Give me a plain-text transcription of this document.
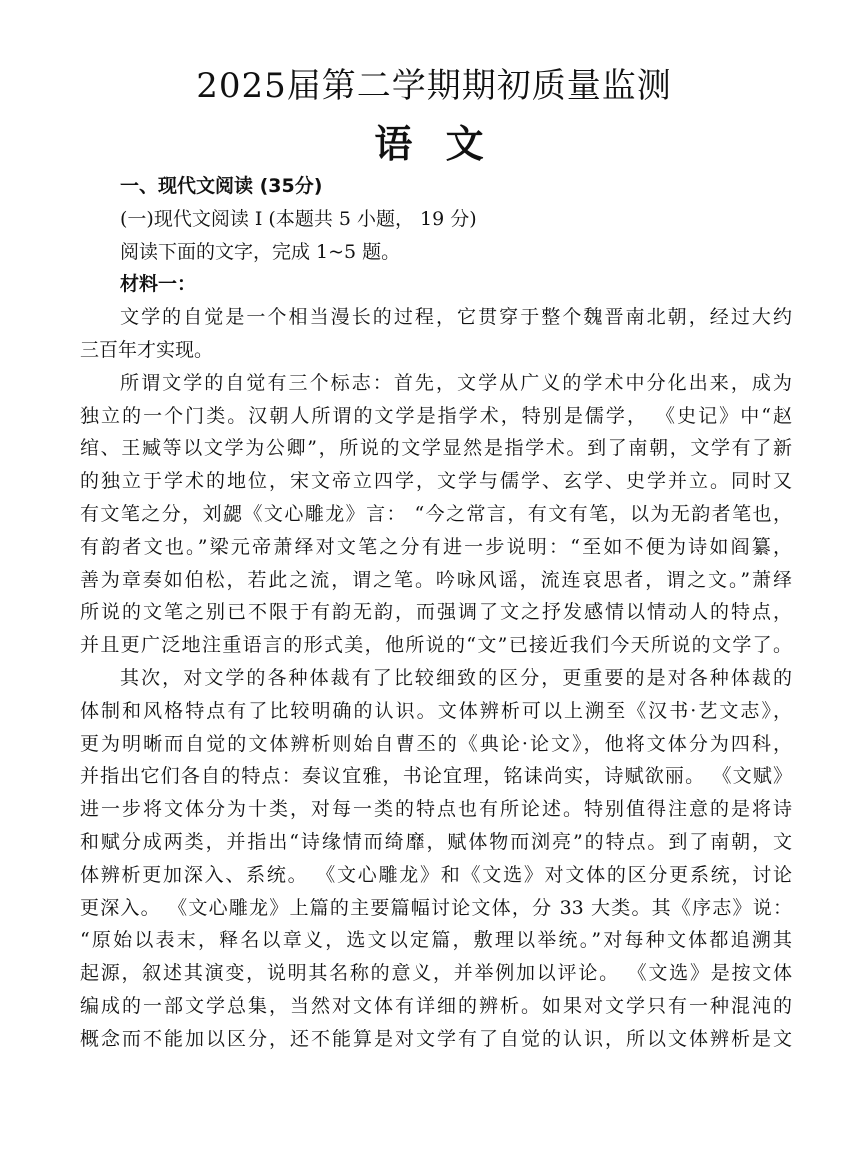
2025届第二学期期初质量监测
语 文
一、现代文阅读 (35分)
(一)现代文阅读 I (本题共 5 小题， 19 分)
阅读下面的文字，完成 1~5 题。
材料一：
文学的自觉是一个相当漫长的过程，它贯穿于整个魏晋南北朝，经过大约
三百年才实现。
所谓文学的自觉有三个标志：首先，文学从广义的学术中分化出来，成为
独立的一个门类。汉朝人所谓的文学是指学术，特别是儒学， 《史记》中“赵
绾、王臧等以文学为公卿”，所说的文学显然是指学术。到了南朝，文学有了新
的独立于学术的地位，宋文帝立四学，文学与儒学、玄学、史学并立。同时又
有文笔之分，刘勰《文心雕龙》言： “今之常言，有文有笔，以为无韵者笔也，
有韵者文也。”梁元帝萧绎对文笔之分有进一步说明：“至如不便为诗如阎纂，
善为章奏如伯松，若此之流，谓之笔。吟咏风谣，流连哀思者，谓之文。”萧绎
所说的文笔之别已不限于有韵无韵，而强调了文之抒发感情以情动人的特点，
并且更广泛地注重语言的形式美，他所说的“文”已接近我们今天所说的文学了。
其次，对文学的各种体裁有了比较细致的区分，更重要的是对各种体裁的
体制和风格特点有了比较明确的认识。文体辨析可以上溯至《汉书·艺文志》，
更为明晰而自觉的文体辨析则始自曹丕的《典论·论文》，他将文体分为四科，
并指出它们各自的特点：奏议宜雅，书论宜理，铭诔尚实，诗赋欲丽。 《文赋》
进一步将文体分为十类，对每一类的特点也有所论述。特别值得注意的是将诗
和赋分成两类，并指出“诗缘情而绮靡，赋体物而浏亮”的特点。到了南朝，文
体辨析更加深入、系统。 《文心雕龙》和《文选》对文体的区分更系统，讨论
更深入。 《文心雕龙》上篇的主要篇幅讨论文体，分 33 大类。其《序志》说：
“原始以表末，释名以章义，选文以定篇，敷理以举统。”对每种文体都追溯其
起源，叙述其演变，说明其名称的意义，并举例加以评论。 《文选》是按文体
编成的一部文学总集，当然对文体有详细的辨析。如果对文学只有一种混沌的
概念而不能加以区分，还不能算是对文学有了自觉的认识，所以文体辨析是文
